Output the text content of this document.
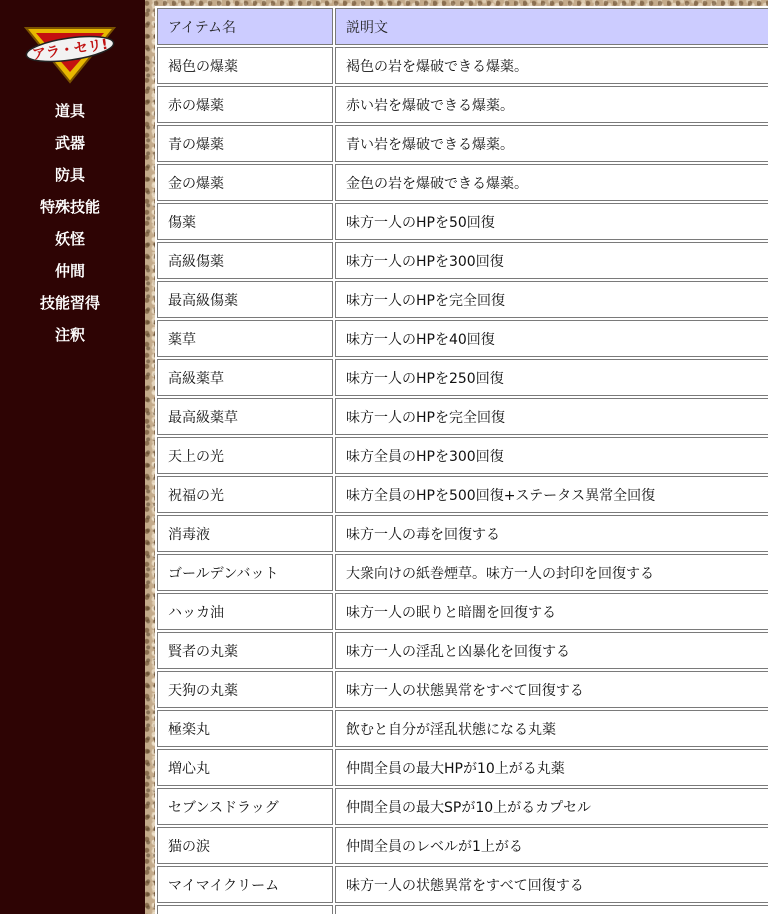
アラ・セリ!
道具
武器
防具
特殊技能
妖怪
仲間
技能習得
注釈
アイテム名	説明文
褐色の爆薬	褐色の岩を爆破できる爆薬。
赤の爆薬	赤い岩を爆破できる爆薬。
青の爆薬	青い岩を爆破できる爆薬。
金の爆薬	金色の岩を爆破できる爆薬。
傷薬	味方一人のHPを50回復
高級傷薬	味方一人のHPを300回復
最高級傷薬	味方一人のHPを完全回復
薬草	味方一人のHPを40回復
高級薬草	味方一人のHPを250回復
最高級薬草	味方一人のHPを完全回復
天上の光	味方全員のHPを300回復
祝福の光	味方全員のHPを500回復+ステータス異常全回復
消毒液	味方一人の毒を回復する
ゴールデンバット	大衆向けの紙巻煙草。味方一人の封印を回復する
ハッカ油	味方一人の眠りと暗闇を回復する
賢者の丸薬	味方一人の淫乱と凶暴化を回復する
天狗の丸薬	味方一人の状態異常をすべて回復する
極楽丸	飲むと自分が淫乱状態になる丸薬
増心丸	仲間全員の最大HPが10上がる丸薬
セブンスドラッグ	仲間全員の最大SPが10上がるカプセル
猫の涙	仲間全員のレベルが1上がる
マイマイクリーム	味方一人の状態異常をすべて回復する
